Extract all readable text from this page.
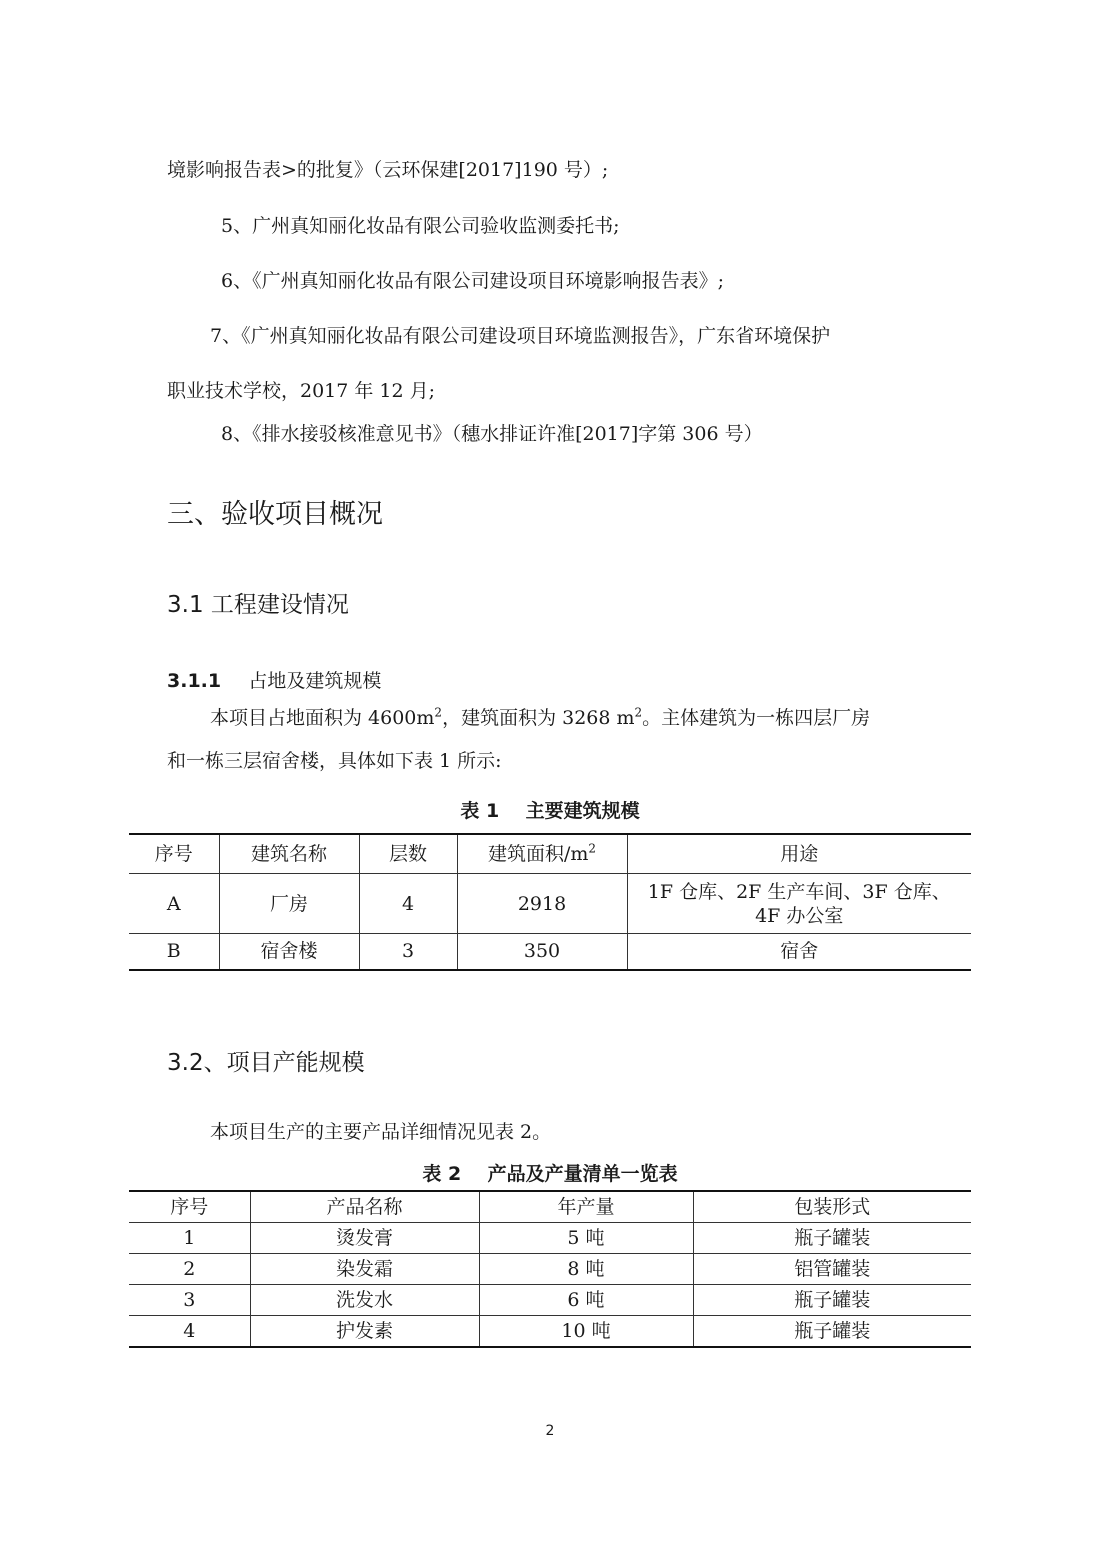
境影响报告表>的批复》（云环保建[2017]190 号）;
5、广州真知丽化妆品有限公司验收监测委托书;
6、《广州真知丽化妆品有限公司建设项目环境影响报告表》;
7、《广州真知丽化妆品有限公司建设项目环境监测报告》，广东省环境保护
职业技术学校，2017 年 12 月;
8、《排水接驳核准意见书》（穗水排证许准[2017]字第 306 号）
三、验收项目概况
3.1 工程建设情况
3.1.1 占地及建筑规模
本项目占地面积为 $4600m^2$，建筑面积为 3268 $m^2$。主体建筑为一栋四层厂房
和一栋三层宿舍楼，具体如下表 1 所示:
表 1    主要建筑规模
序号	建筑名称	层数	建筑面积$/m^2$	用途
A	厂房	4	2918	1F 仓库、2F 生产车间、3F 仓库、
4F 办公室

B	宿舍楼	3	350	宿舍
3.2、项目产能规模
本项目生产的主要产品详细情况见表 2。
表 2    产品及产量清单一览表
序号	产品名称	年产量	包装形式
1	烫发膏	5 吨	瓶子罐装
2	染发霜	8 吨	铝管罐装
3	洗发水	6 吨	瓶子罐装
4	护发素	10 吨	瓶子罐装
2
